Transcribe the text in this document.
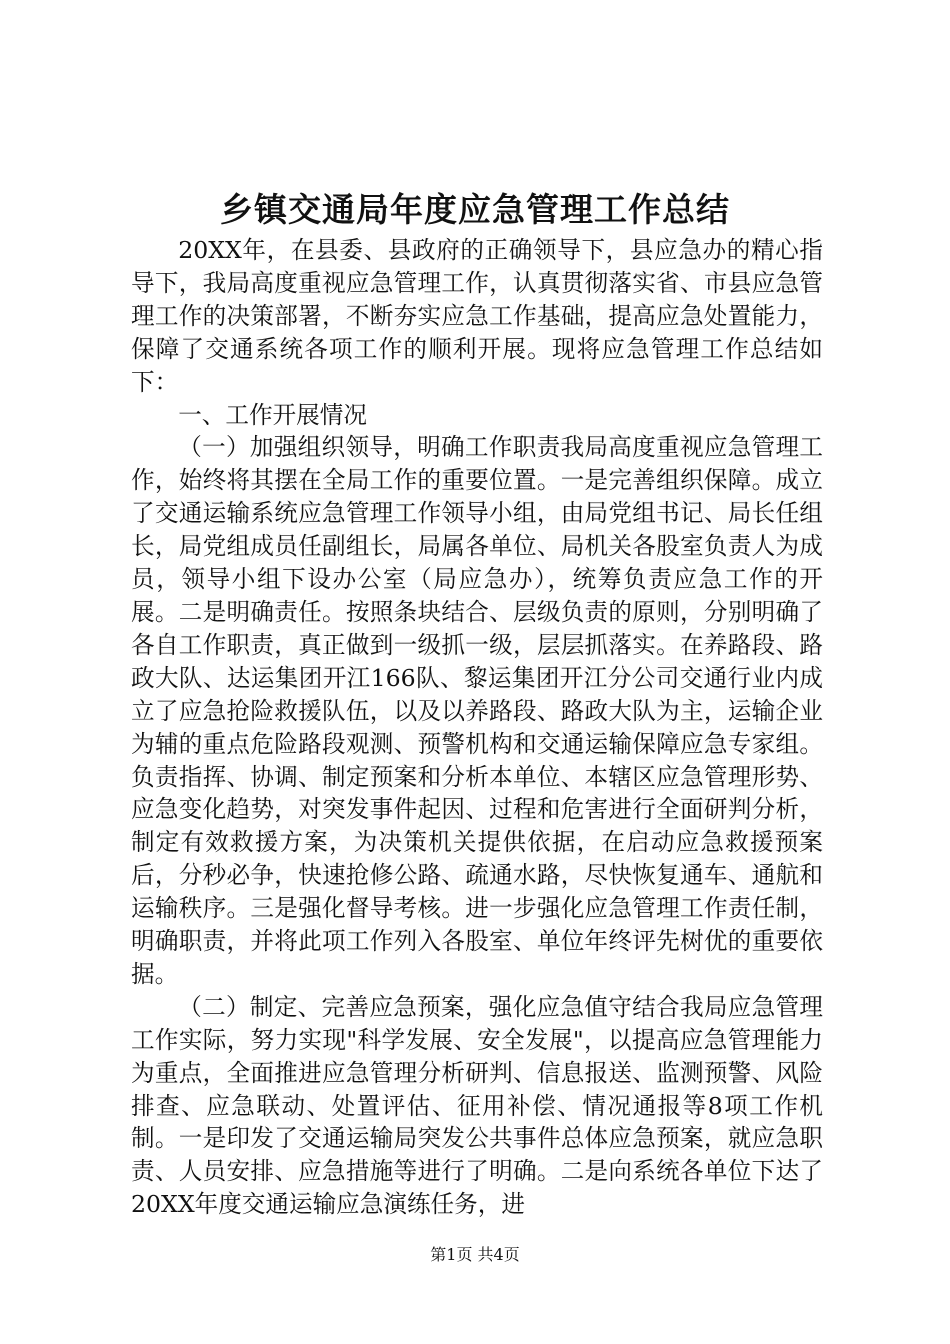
乡镇交通局年度应急管理工作总结

20XX年，在县委、县政府的正确领导下，县应急办的精心指导下，我局高度重视应急管理工作，认真贯彻落实省、市县应急管理工作的决策部署，不断夯实应急工作基础，提高应急处置能力，保障了交通系统各项工作的顺利开展。现将应急管理工作总结如下：

一、工作开展情况

（一）加强组织领导，明确工作职责我局高度重视应急管理工作，始终将其摆在全局工作的重要位置。一是完善组织保障。成立了交通运输系统应急管理工作领导小组，由局党组书记、局长任组长，局党组成员任副组长，局属各单位、局机关各股室负责人为成员，领导小组下设办公室（局应急办），统筹负责应急工作的开展。二是明确责任。按照条块结合、层级负责的原则，分别明确了各自工作职责，真正做到一级抓一级，层层抓落实。在养路段、路政大队、达运集团开江166队、黎运集团开江分公司交通行业内成立了应急抢险救援队伍，以及以养路段、路政大队为主，运输企业为辅的重点危险路段观测、预警机构和交通运输保障应急专家组。负责指挥、协调、制定预案和分析本单位、本辖区应急管理形势、应急变化趋势，对突发事件起因、过程和危害进行全面研判分析，制定有效救援方案，为决策机关提供依据，在启动应急救援预案后，分秒必争，快速抢修公路、疏通水路，尽快恢复通车、通航和运输秩序。三是强化督导考核。进一步强化应急管理工作责任制，明确职责，并将此项工作列入各股室、单位年终评先树优的重要依据。

（二）制定、完善应急预案，强化应急值守结合我局应急管理工作实际，努力实现"科学发展、安全发展"，以提高应急管理能力为重点，全面推进应急管理分析研判、信息报送、监测预警、风险排查、应急联动、处置评估、征用补偿、情况通报等8项工作机制。一是印发了交通运输局突发公共事件总体应急预案，就应急职责、人员安排、应急措施等进行了明确。二是向系统各单位下达了20XX年度交通运输应急演练任务，进

第1页 共4页
